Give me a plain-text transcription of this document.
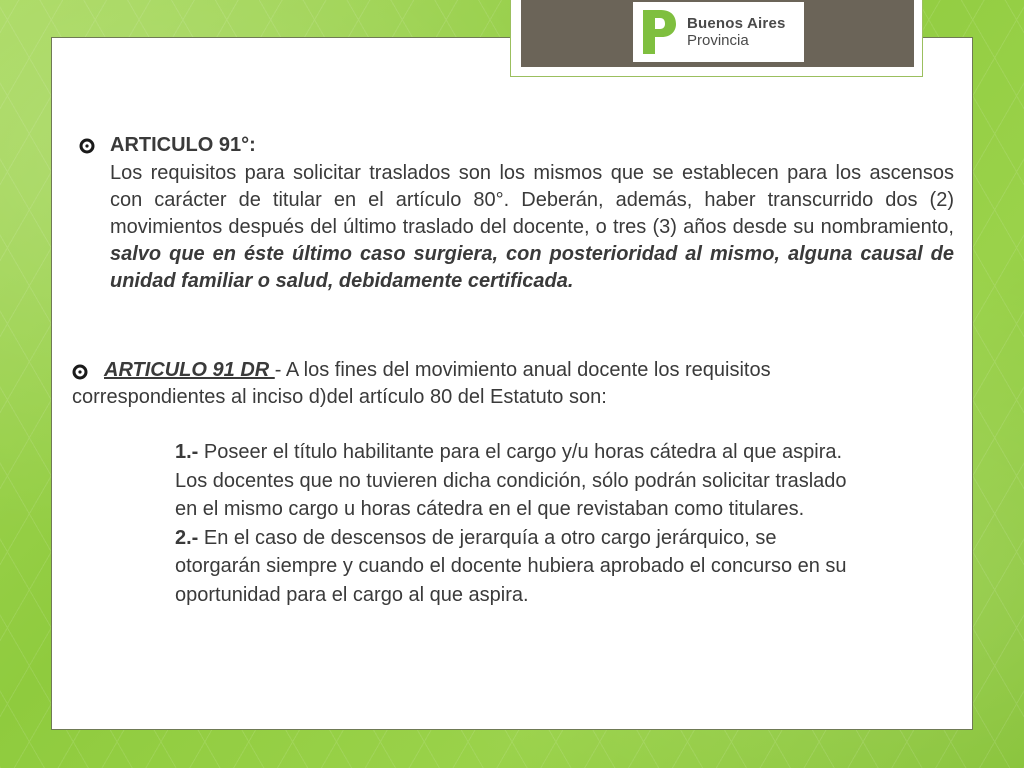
Buenos Aires
Provincia
ARTICULO 91°:

Los requisitos para solicitar traslados son los mismos que se establecen para los ascensos con carácter de titular en el artículo 80°. Deberán, además, haber transcurrido dos (2) movimientos después del último traslado del docente, o tres (3) años desde su nombramiento, salvo que en éste último caso surgiera, con posterioridad al mismo, alguna causal de unidad familiar o salud, debidamente certificada.

ARTICULO 91 DR - A los fines del movimiento anual docente los requisitos
correspondientes al inciso d)del artículo 80 del Estatuto son:

1.- Poseer el título habilitante para el cargo y/u horas cátedra al que aspira.

Los docentes que no tuvieren dicha condición, sólo podrán solicitar traslado

en el mismo cargo u horas cátedra en el que revistaban como titulares.

2.- En el caso de descensos de jerarquía a otro cargo jerárquico, se

otorgarán siempre y cuando el docente hubiera aprobado el concurso en su

oportunidad para el cargo al que aspira.
